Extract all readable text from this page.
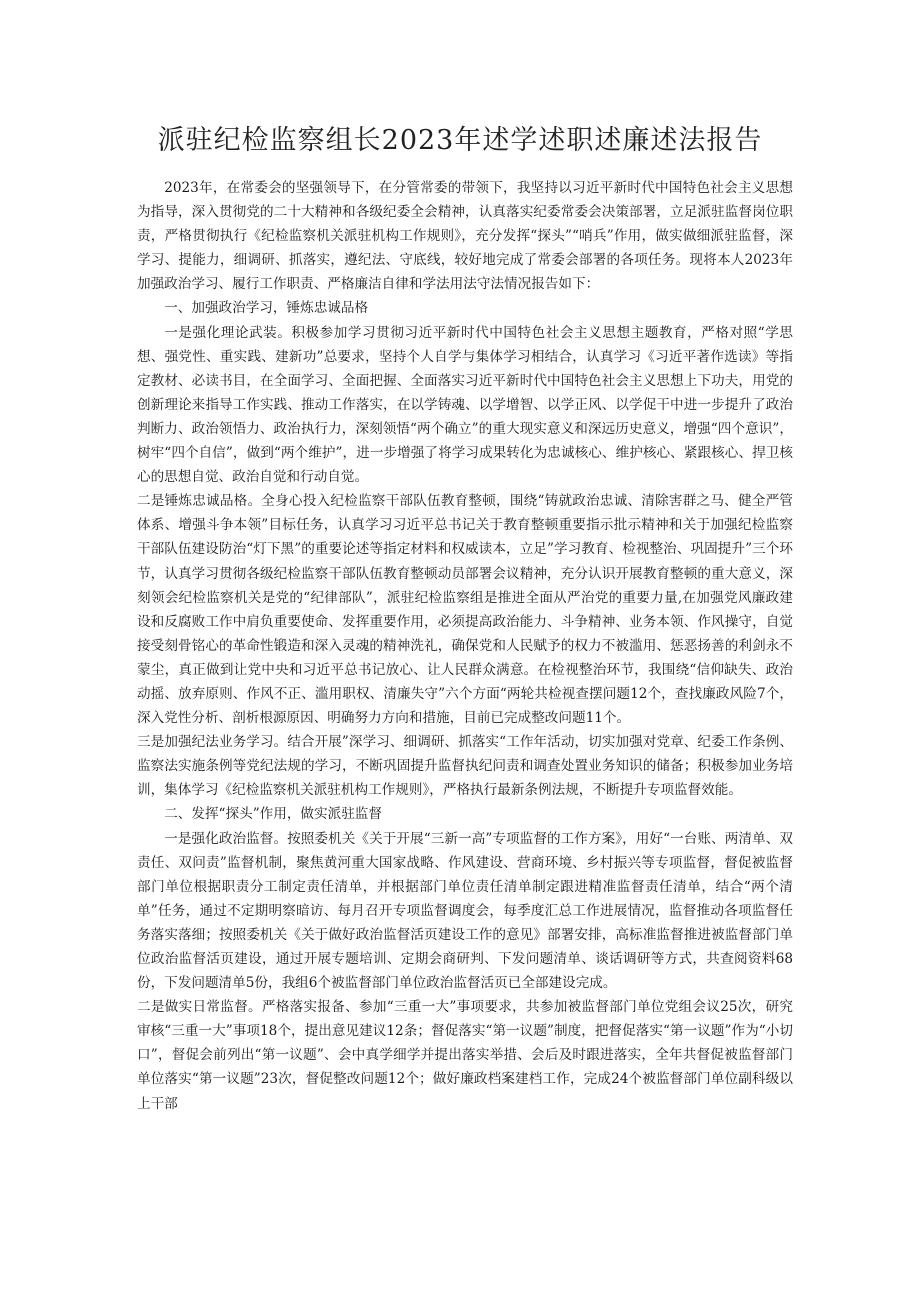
派驻纪检监察组长2023年述学述职述廉述法报告

2023年，在常委会的坚强领导下，在分管常委的带领下，我坚持以习近平新时代中国特色社会主义思想为指导，深入贯彻党的二十大精神和各级纪委全会精神，认真落实纪委常委会决策部署，立足派驻监督岗位职责，严格贯彻执行《纪检监察机关派驻机构工作规则》，充分发挥“探头”“哨兵”作用，做实做细派驻监督，深学习、提能力，细调研、抓落实，遵纪法、守底线，较好地完成了常委会部署的各项任务。现将本人2023年加强政治学习、履行工作职责、严格廉洁自律和学法用法守法情况报告如下：

一、加强政治学习，锤炼忠诚品格

一是强化理论武装。积极参加学习贯彻习近平新时代中国特色社会主义思想主题教育，严格对照“学思想、强党性、重实践、建新功”总要求，坚持个人自学与集体学习相结合，认真学习《习近平著作选读》等指定教材、必读书目，在全面学习、全面把握、全面落实习近平新时代中国特色社会主义思想上下功夫，用党的创新理论来指导工作实践、推动工作落实，在以学铸魂、以学增智、以学正风、以学促干中进一步提升了政治判断力、政治领悟力、政治执行力，深刻领悟“两个确立”的重大现实意义和深远历史意义，增强“四个意识”，树牢“四个自信”，做到“两个维护”，进一步增强了将学习成果转化为忠诚核心、维护核心、紧跟核心、捍卫核心的思想自觉、政治自觉和行动自觉。

二是锤炼忠诚品格。全身心投入纪检监察干部队伍教育整顿，围绕“铸就政治忠诚、清除害群之马、健全严管体系、增强斗争本领”目标任务，认真学习习近平总书记关于教育整顿重要指示批示精神和关于加强纪检监察干部队伍建设防治“灯下黑”的重要论述等指定材料和权威读本，立足”学习教育、检视整治、巩固提升”三个环节，认真学习贯彻各级纪检监察干部队伍教育整顿动员部署会议精神，充分认识开展教育整顿的重大意义，深刻领会纪检监察机关是党的“纪律部队”，派驻纪检监察组是推进全面从严治党的重要力量,在加强党风廉政建设和反腐败工作中肩负重要使命、发挥重要作用，必须提高政治能力、斗争精神、业务本领、作风操守，自觉接受刻骨铭心的革命性锻造和深入灵魂的精神洗礼，确保党和人民赋予的权力不被滥用、惩恶扬善的利剑永不蒙尘，真正做到让党中央和习近平总书记放心、让人民群众满意。在检视整治环节，我围绕“信仰缺失、政治动摇、放弃原则、作风不正、滥用职权、清廉失守”六个方面“两轮共检视查摆问题12个，查找廉政风险7个，深入党性分析、剖析根源原因、明确努力方向和措施，目前已完成整改问题11个。

三是加强纪法业务学习。结合开展”深学习、细调研、抓落实“工作年活动，切实加强对党章、纪委工作条例、监察法实施条例等党纪法规的学习，不断巩固提升监督执纪问责和调查处置业务知识的储备；积极参加业务培训，集体学习《纪检监察机关派驻机构工作规则》，严格执行最新条例法规，不断提升专项监督效能。

二、发挥“探头”作用，做实派驻监督

一是强化政治监督。按照委机关《关于开展“三新一高”专项监督的工作方案》，用好“一台账、两清单、双责任、双问责”监督机制，聚焦黄河重大国家战略、作风建设、营商环境、乡村振兴等专项监督，督促被监督部门单位根据职责分工制定责任清单，并根据部门单位责任清单制定跟进精准监督责任清单，结合“两个清单”任务，通过不定期明察暗访、每月召开专项监督调度会，每季度汇总工作进展情况，监督推动各项监督任务落实落细；按照委机关《关于做好政治监督活页建设工作的意见》部署安排，高标准监督推进被监督部门单位政治监督活页建设，通过开展专题培训、定期会商研判、下发问题清单、谈话调研等方式，共查阅资料68份，下发问题清单5份，我组6个被监督部门单位政治监督活页已全部建设完成。

二是做实日常监督。严格落实报备、参加“三重一大”事项要求，共参加被监督部门单位党组会议25次，研究审核“三重一大”事项18个，提出意见建议12条；督促落实“第一议题”制度，把督促落实“第一议题”作为“小切口”，督促会前列出“第一议题”、会中真学细学并提出落实举措、会后及时跟进落实，全年共督促被监督部门单位落实“第一议题”23次，督促整改问题12个；做好廉政档案建档工作，完成24个被监督部门单位副科级以上干部
